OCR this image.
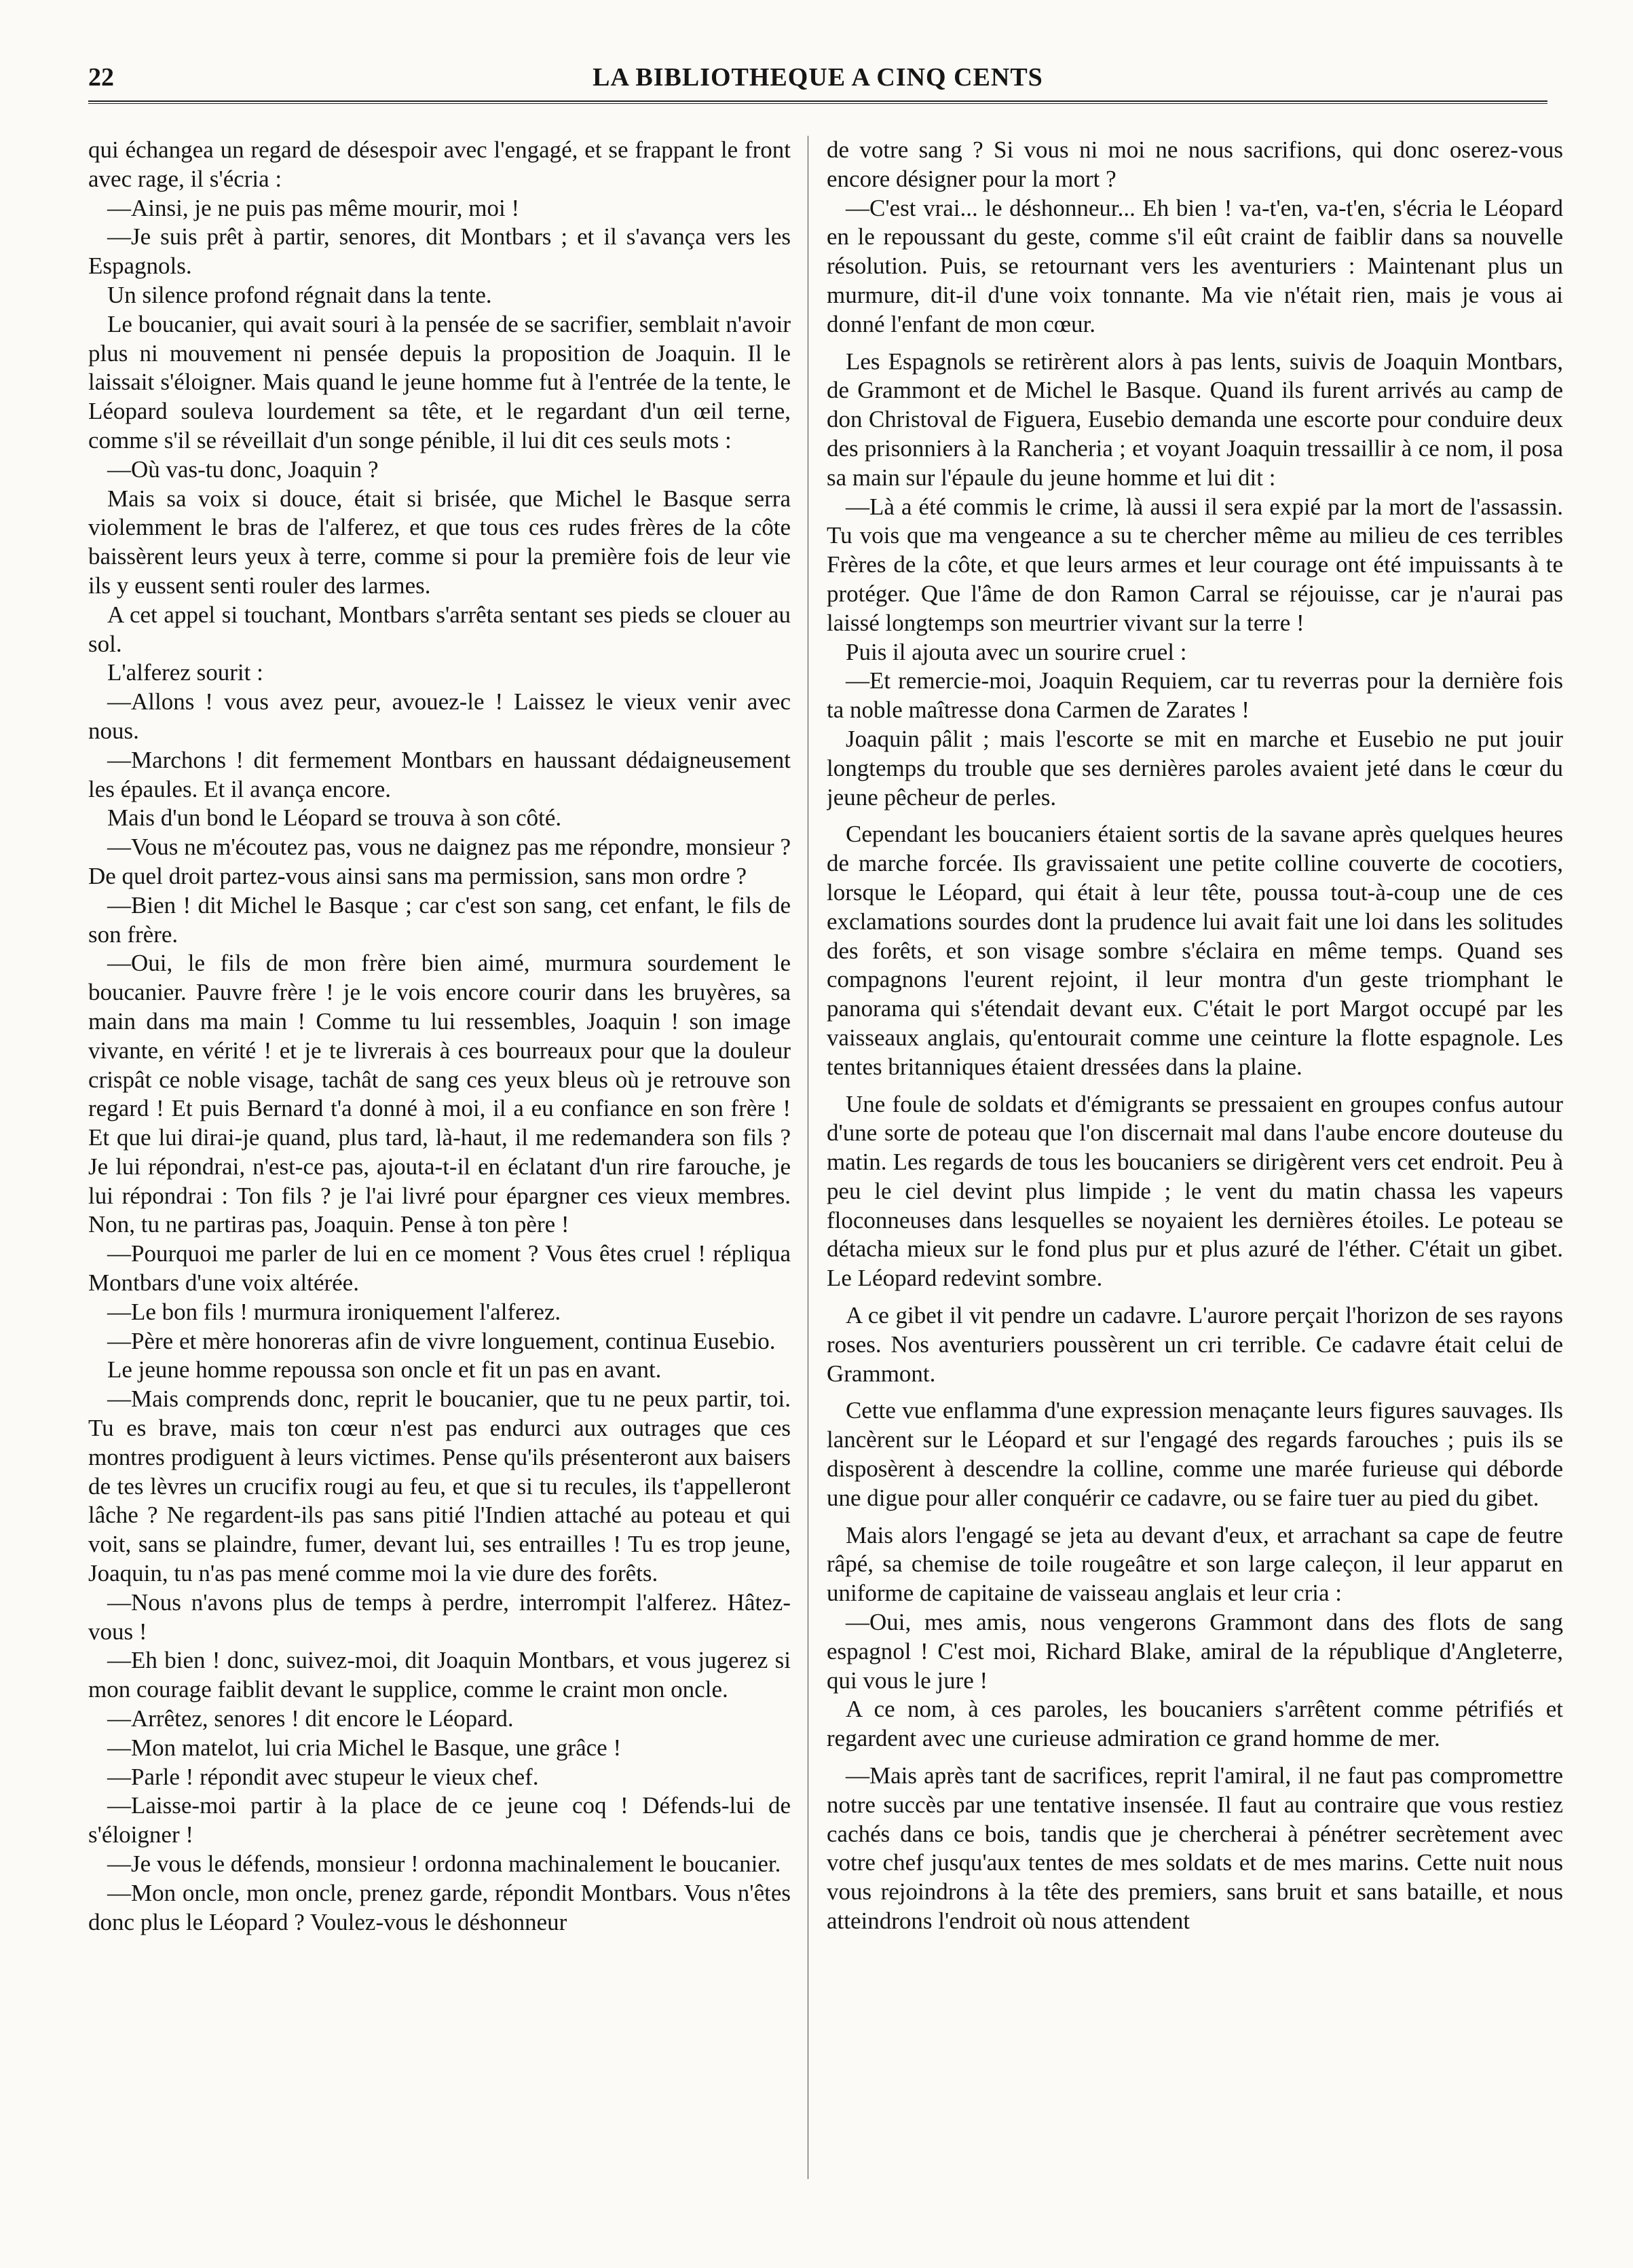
22	LA BIBLIOTHEQUE A CINQ CENTS

qui échangea un regard de désespoir avec l'engagé, et se frappant le front avec rage, il s'écria :

—Ainsi, je ne puis pas même mourir, moi !

—Je suis prêt à partir, senores, dit Montbars ; et il s'avança vers les Espagnols.

Un silence profond régnait dans la tente.

Le boucanier, qui avait souri à la pensée de se sacrifier, semblait n'avoir plus ni mouvement ni pensée depuis la proposition de Joaquin. Il le laissait s'éloigner. Mais quand le jeune homme fut à l'entrée de la tente, le Léopard souleva lourdement sa tête, et le regardant d'un œil terne, comme s'il se réveillait d'un songe pénible, il lui dit ces seuls mots :

—Où vas-tu donc, Joaquin ?

Mais sa voix si douce, était si brisée, que Michel le Basque serra violemment le bras de l'alferez, et que tous ces rudes frères de la côte baissèrent leurs yeux à terre, comme si pour la première fois de leur vie ils y eussent senti rouler des larmes.

A cet appel si touchant, Montbars s'arrêta sentant ses pieds se clouer au sol.

L'alferez sourit :

—Allons ! vous avez peur, avouez-le ! Laissez le vieux venir avec nous.

—Marchons ! dit fermement Montbars en haussant dédaigneusement les épaules. Et il avança encore.

Mais d'un bond le Léopard se trouva à son côté.

—Vous ne m'écoutez pas, vous ne daignez pas me répondre, monsieur ? De quel droit partez-vous ainsi sans ma permission, sans mon ordre ?

—Bien ! dit Michel le Basque ; car c'est son sang, cet enfant, le fils de son frère.

—Oui, le fils de mon frère bien aimé, murmura sourdement le boucanier. Pauvre frère ! je le vois encore courir dans les bruyères, sa main dans ma main ! Comme tu lui ressembles, Joaquin ! son image vivante, en vérité ! et je te livrerais à ces bourreaux pour que la douleur crispât ce noble visage, tachât de sang ces yeux bleus où je retrouve son regard ! Et puis Bernard t'a donné à moi, il a eu confiance en son frère ! Et que lui dirai-je quand, plus tard, là-haut, il me redemandera son fils ? Je lui répondrai, n'est-ce pas, ajouta-t-il en éclatant d'un rire farouche, je lui répondrai : Ton fils ? je l'ai livré pour épargner ces vieux membres. Non, tu ne partiras pas, Joaquin. Pense à ton père !

—Pourquoi me parler de lui en ce moment ? Vous êtes cruel ! répliqua Montbars d'une voix altérée.

—Le bon fils ! murmura ironiquement l'alferez.

—Père et mère honoreras afin de vivre longuement, continua Eusebio.

Le jeune homme repoussa son oncle et fit un pas en avant.

—Mais comprends donc, reprit le boucanier, que tu ne peux partir, toi. Tu es brave, mais ton cœur n'est pas endurci aux outrages que ces montres prodiguent à leurs victimes. Pense qu'ils présenteront aux baisers de tes lèvres un crucifix rougi au feu, et que si tu recules, ils t'appelleront lâche ? Ne regardent-ils pas sans pitié l'Indien attaché au poteau et qui voit, sans se plaindre, fumer, devant lui, ses entrailles ! Tu es trop jeune, Joaquin, tu n'as pas mené comme moi la vie dure des forêts.

—Nous n'avons plus de temps à perdre, interrompit l'alferez. Hâtez-vous !

—Eh bien ! donc, suivez-moi, dit Joaquin Montbars, et vous jugerez si mon courage faiblit devant le supplice, comme le craint mon oncle.

—Arrêtez, senores ! dit encore le Léopard.

—Mon matelot, lui cria Michel le Basque, une grâce !

—Parle ! répondit avec stupeur le vieux chef.

—Laisse-moi partir à la place de ce jeune coq ! Défends-lui de s'éloigner !

—Je vous le défends, monsieur ! ordonna machinalement le boucanier.

—Mon oncle, mon oncle, prenez garde, répondit Montbars. Vous n'êtes donc plus le Léopard ? Voulez-vous le déshonneur

de votre sang ? Si vous ni moi ne nous sacrifions, qui donc oserez-vous encore désigner pour la mort ?

—C'est vrai... le déshonneur... Eh bien ! va-t'en, va-t'en, s'écria le Léopard en le repoussant du geste, comme s'il eût craint de faiblir dans sa nouvelle résolution. Puis, se retournant vers les aventuriers : Maintenant plus un murmure, dit-il d'une voix tonnante. Ma vie n'était rien, mais je vous ai donné l'enfant de mon cœur.

Les Espagnols se retirèrent alors à pas lents, suivis de Joaquin Montbars, de Grammont et de Michel le Basque. Quand ils furent arrivés au camp de don Christoval de Figuera, Eusebio demanda une escorte pour conduire deux des prisonniers à la Rancheria ; et voyant Joaquin tressaillir à ce nom, il posa sa main sur l'épaule du jeune homme et lui dit :

—Là a été commis le crime, là aussi il sera expié par la mort de l'assassin. Tu vois que ma vengeance a su te chercher même au milieu de ces terribles Frères de la côte, et que leurs armes et leur courage ont été impuissants à te protéger. Que l'âme de don Ramon Carral se réjouisse, car je n'aurai pas laissé longtemps son meurtrier vivant sur la terre !

Puis il ajouta avec un sourire cruel :

—Et remercie-moi, Joaquin Requiem, car tu reverras pour la dernière fois ta noble maîtresse dona Carmen de Zarates !

Joaquin pâlit ; mais l'escorte se mit en marche et Eusebio ne put jouir longtemps du trouble que ses dernières paroles avaient jeté dans le cœur du jeune pêcheur de perles.

Cependant les boucaniers étaient sortis de la savane après quelques heures de marche forcée. Ils gravissaient une petite colline couverte de cocotiers, lorsque le Léopard, qui était à leur tête, poussa tout-à-coup une de ces exclamations sourdes dont la prudence lui avait fait une loi dans les solitudes des forêts, et son visage sombre s'éclaira en même temps. Quand ses compagnons l'eurent rejoint, il leur montra d'un geste triomphant le panorama qui s'étendait devant eux. C'était le port Margot occupé par les vaisseaux anglais, qu'entourait comme une ceinture la flotte espagnole. Les tentes britanniques étaient dressées dans la plaine.

Une foule de soldats et d'émigrants se pressaient en groupes confus autour d'une sorte de poteau que l'on discernait mal dans l'aube encore douteuse du matin. Les regards de tous les boucaniers se dirigèrent vers cet endroit. Peu à peu le ciel devint plus limpide ; le vent du matin chassa les vapeurs floconneuses dans lesquelles se noyaient les dernières étoiles. Le poteau se détacha mieux sur le fond plus pur et plus azuré de l'éther. C'était un gibet. Le Léopard redevint sombre.

A ce gibet il vit pendre un cadavre. L'aurore perçait l'horizon de ses rayons roses. Nos aventuriers poussèrent un cri terrible. Ce cadavre était celui de Grammont.

Cette vue enflamma d'une expression menaçante leurs figures sauvages. Ils lancèrent sur le Léopard et sur l'engagé des regards farouches ; puis ils se disposèrent à descendre la colline, comme une marée furieuse qui déborde une digue pour aller conquérir ce cadavre, ou se faire tuer au pied du gibet.

Mais alors l'engagé se jeta au devant d'eux, et arrachant sa cape de feutre râpé, sa chemise de toile rougeâtre et son large caleçon, il leur apparut en uniforme de capitaine de vaisseau anglais et leur cria :

—Oui, mes amis, nous vengerons Grammont dans des flots de sang espagnol ! C'est moi, Richard Blake, amiral de la république d'Angleterre, qui vous le jure !

A ce nom, à ces paroles, les boucaniers s'arrêtent comme pétrifiés et regardent avec une curieuse admiration ce grand homme de mer.

—Mais après tant de sacrifices, reprit l'amiral, il ne faut pas compromettre notre succès par une tentative insensée. Il faut au contraire que vous restiez cachés dans ce bois, tandis que je chercherai à pénétrer secrètement avec votre chef jusqu'aux tentes de mes soldats et de mes marins. Cette nuit nous vous rejoindrons à la tête des premiers, sans bruit et sans bataille, et nous atteindrons l'endroit où nous attendent
